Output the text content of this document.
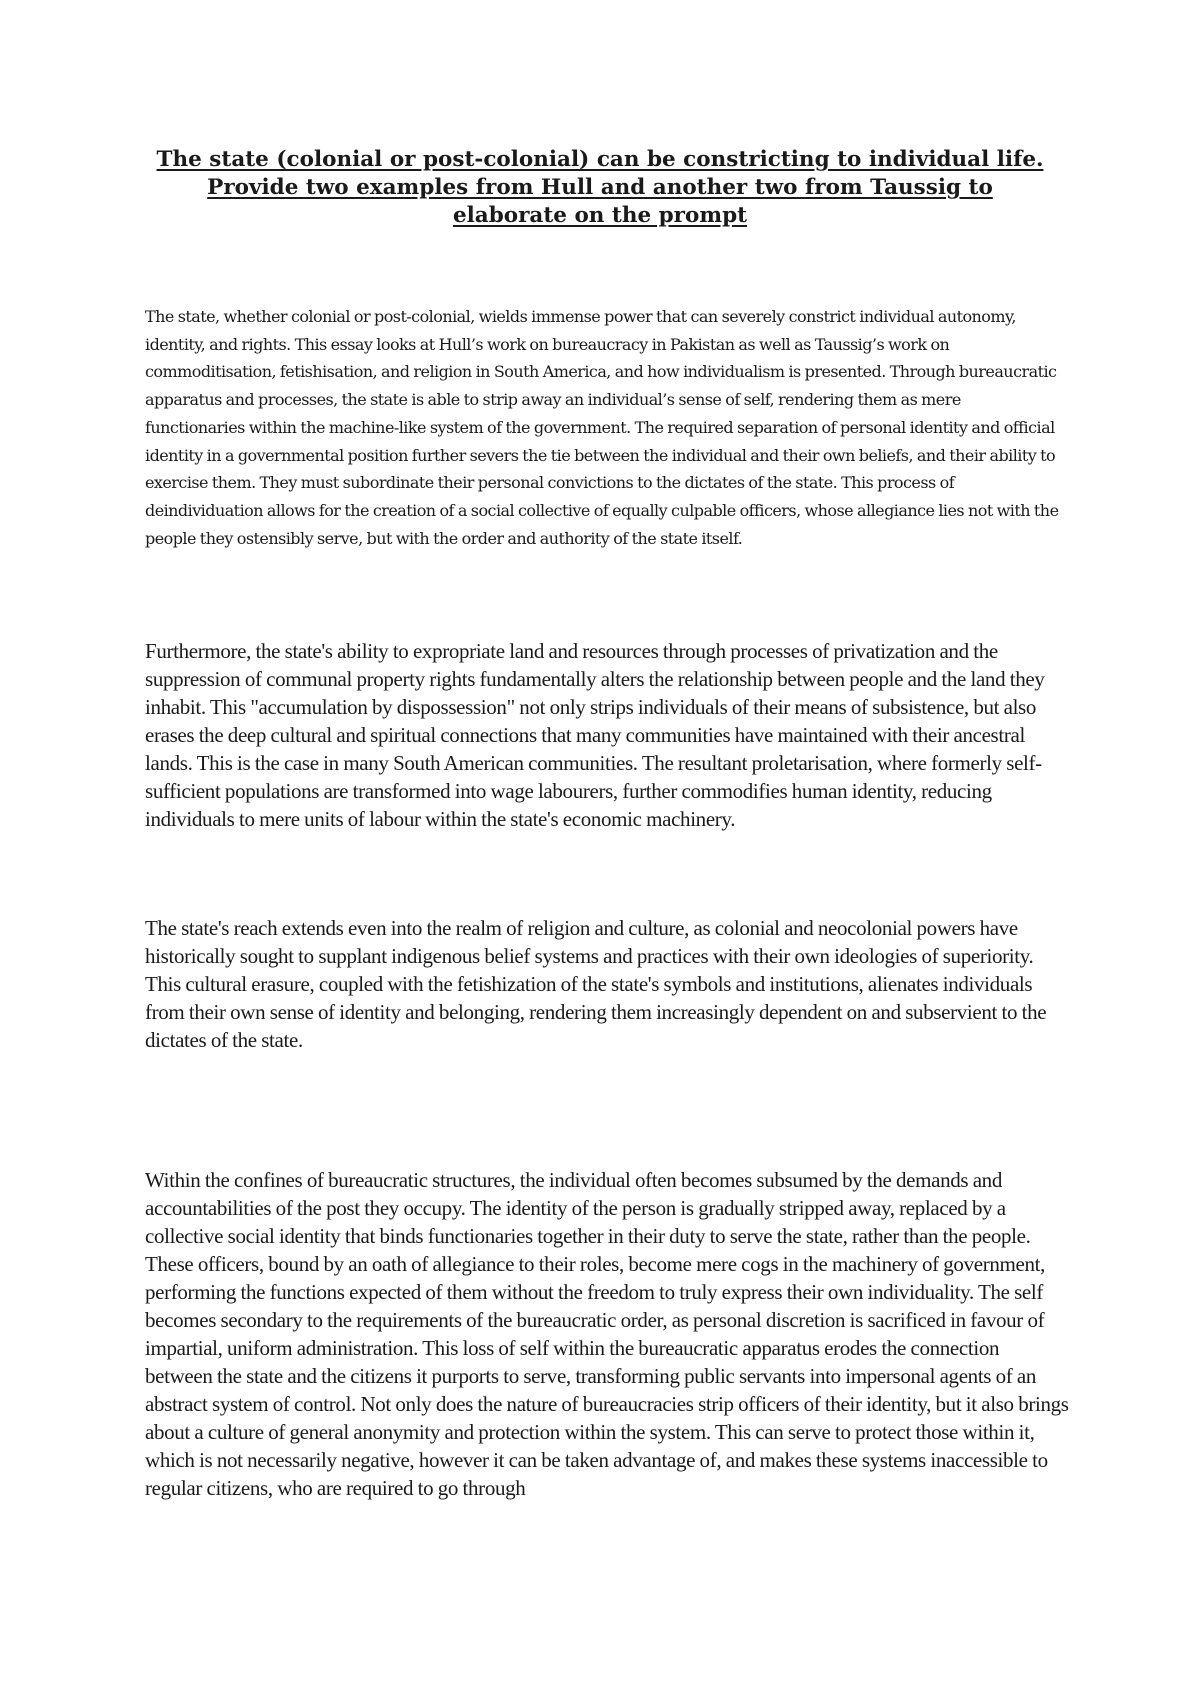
The state (colonial or post-colonial) can be constricting to individual life.
Provide two examples from Hull and another two from Taussig to
elaborate on the prompt

The state, whether colonial or post-colonial, wields immense power that can severely constrict individual autonomy, identity, and rights. This essay looks at Hull’s work on bureaucracy in Pakistan as well as Taussig’s work on commoditisation, fetishisation, and religion in South America, and how individualism is presented. Through bureaucratic apparatus and processes, the state is able to strip away an individual’s sense of self, rendering them as mere functionaries within the machine-like system of the government. The required separation of personal identity and official identity in a governmental position further severs the tie between the individual and their own beliefs, and their ability to exercise them. They must subordinate their personal convictions to the dictates of the state. This process of deindividuation allows for the creation of a social collective of equally culpable officers, whose allegiance lies not with the people they ostensibly serve, but with the order and authority of the state itself.

Furthermore, the state's ability to expropriate land and resources through processes of privatization and the suppression of communal property rights fundamentally alters the relationship between people and the land they inhabit. This "accumulation by dispossession" not only strips individuals of their means of subsistence, but also erases the deep cultural and spiritual connections that many communities have maintained with their ancestral lands. This is the case in many South American communities. The resultant proletarisation, where formerly self-sufficient populations are transformed into wage labourers, further commodifies human identity, reducing individuals to mere units of labour within the state's economic machinery.

The state's reach extends even into the realm of religion and culture, as colonial and neocolonial powers have historically sought to supplant indigenous belief systems and practices with their own ideologies of superiority. This cultural erasure, coupled with the fetishization of the state's symbols and institutions, alienates individuals from their own sense of identity and belonging, rendering them increasingly dependent on and subservient to the dictates of the state.

Within the confines of bureaucratic structures, the individual often becomes subsumed by the demands and accountabilities of the post they occupy. The identity of the person is gradually stripped away, replaced by a collective social identity that binds functionaries together in their duty to serve the state, rather than the people. These officers, bound by an oath of allegiance to their roles, become mere cogs in the machinery of government, performing the functions expected of them without the freedom to truly express their own individuality. The self becomes secondary to the requirements of the bureaucratic order, as personal discretion is sacrificed in favour of impartial, uniform administration. This loss of self within the bureaucratic apparatus erodes the connection between the state and the citizens it purports to serve, transforming public servants into impersonal agents of an abstract system of control. Not only does the nature of bureaucracies strip officers of their identity, but it also brings about a culture of general anonymity and protection within the system. This can serve to protect those within it, which is not necessarily negative, however it can be taken advantage of, and makes these systems inaccessible to regular citizens, who are required to go through
